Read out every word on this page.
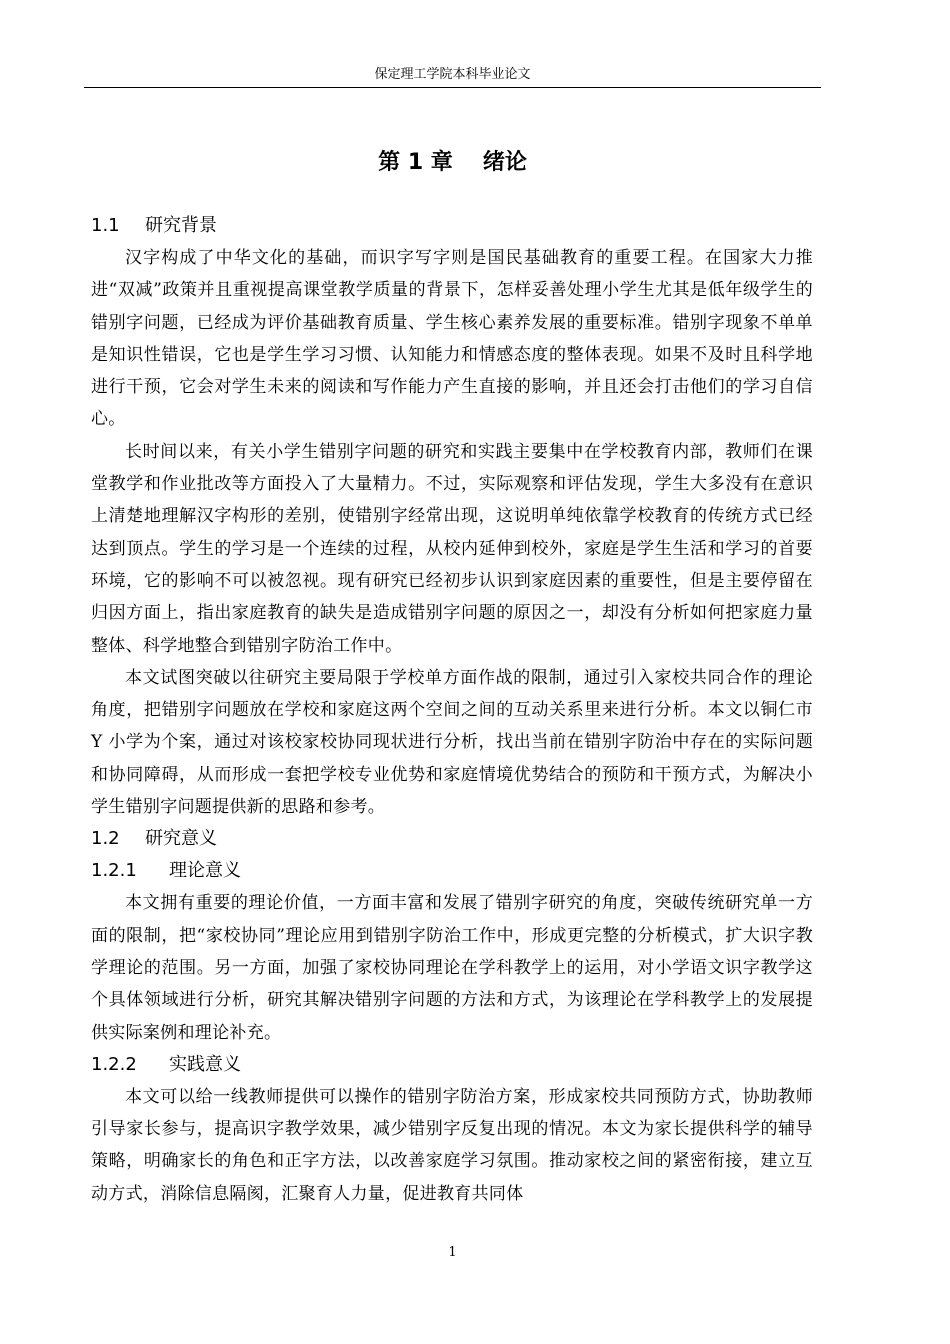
保定理工学院本科毕业论文
第 1 章 绪论
1.1 研究背景

汉字构成了中华文化的基础，而识字写字则是国民基础教育的重要工程。在国家大力推进“双减”政策并且重视提高课堂教学质量的背景下，怎样妥善处理小学生尤其是低年级学生的错别字问题，已经成为评价基础教育质量、学生核心素养发展的重要标准。错别字现象不单单是知识性错误，它也是学生学习习惯、认知能力和情感态度的整体表现。如果不及时且科学地进行干预，它会对学生未来的阅读和写作能力产生直接的影响，并且还会打击他们的学习自信心。

长时间以来，有关小学生错别字问题的研究和实践主要集中在学校教育内部，教师们在课堂教学和作业批改等方面投入了大量精力。不过，实际观察和评估发现，学生大多没有在意识上清楚地理解汉字构形的差别，使错别字经常出现，这说明单纯依靠学校教育的传统方式已经达到顶点。学生的学习是一个连续的过程，从校内延伸到校外，家庭是学生生活和学习的首要环境，它的影响不可以被忽视。现有研究已经初步认识到家庭因素的重要性，但是主要停留在归因方面上，指出家庭教育的缺失是造成错别字问题的原因之一，却没有分析如何把家庭力量整体、科学地整合到错别字防治工作中。

本文试图突破以往研究主要局限于学校单方面作战的限制，通过引入家校共同合作的理论角度，把错别字问题放在学校和家庭这两个空间之间的互动关系里来进行分析。本文以铜仁市 Y 小学为个案，通过对该校家校协同现状进行分析，找出当前在错别字防治中存在的实际问题和协同障碍，从而形成一套把学校专业优势和家庭情境优势结合的预防和干预方式，为解决小学生错别字问题提供新的思路和参考。

1.2 研究意义
1.2.1 理论意义

本文拥有重要的理论价值，一方面丰富和发展了错别字研究的角度，突破传统研究单一方面的限制，把“家校协同”理论应用到错别字防治工作中，形成更完整的分析模式，扩大识字教学理论的范围。另一方面，加强了家校协同理论在学科教学上的运用，对小学语文识字教学这个具体领域进行分析，研究其解决错别字问题的方法和方式，为该理论在学科教学上的发展提供实际案例和理论补充。

1.2.2 实践意义

本文可以给一线教师提供可以操作的错别字防治方案，形成家校共同预防方式，协助教师引导家长参与，提高识字教学效果，减少错别字反复出现的情况。本文为家长提供科学的辅导策略，明确家长的角色和正字方法，以改善家庭学习氛围。推动家校之间的紧密衔接，建立互动方式，消除信息隔阂，汇聚育人力量，促进教育共同体

1
